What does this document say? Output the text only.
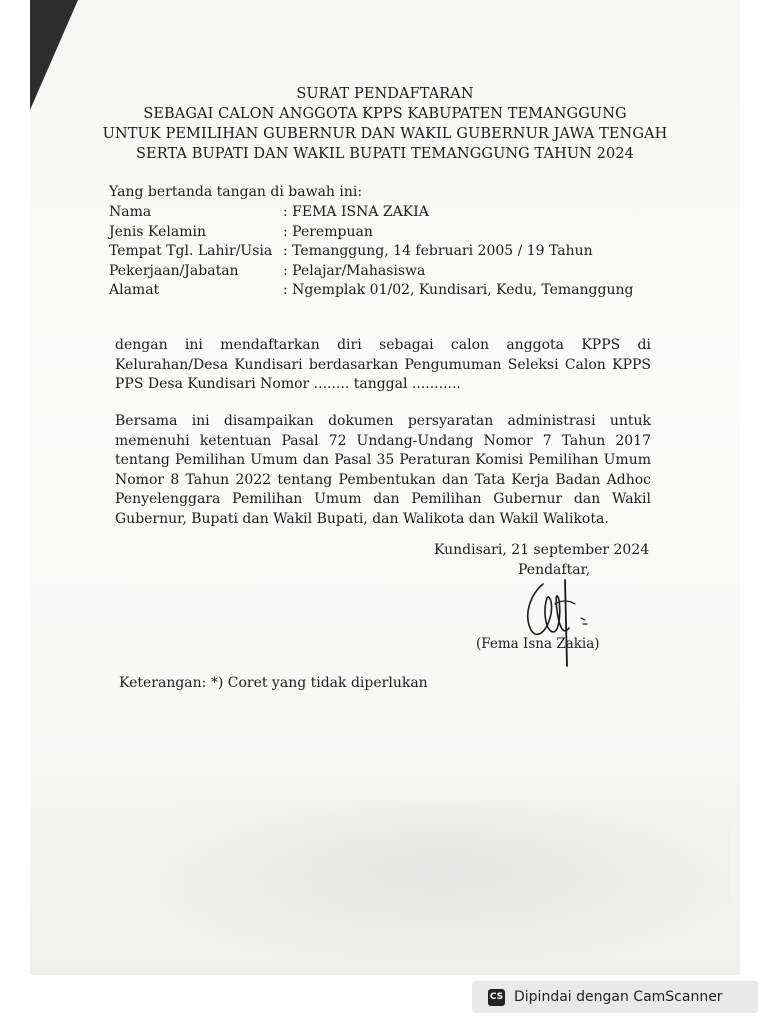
SURAT PENDAFTARAN
SEBAGAI CALON ANGGOTA KPPS KABUPATEN TEMANGGUNG
UNTUK PEMILIHAN GUBERNUR DAN WAKIL GUBERNUR JAWA TENGAH
SERTA BUPATI DAN WAKIL BUPATI TEMANGGUNG TAHUN 2024
Yang bertanda tangan di bawah ini:
Nama	: FEMA ISNA ZAKIA
Jenis Kelamin	: Perempuan
Tempat Tgl. Lahir/Usia : Temanggung, 14 februari 2005 / 19 Tahun
Pekerjaan/Jabatan	: Pelajar/Mahasiswa
Alamat	: Ngemplak 01/02, Kundisari, Kedu, Temanggung
dengan ini mendaftarkan diri sebagai calon anggota KPPS di Kelurahan/Desa Kundisari berdasarkan Pengumuman Seleksi Calon KPPS PPS Desa Kundisari Nomor ........ tanggal ...........
Bersama ini disampaikan dokumen persyaratan administrasi untuk memenuhi ketentuan Pasal 72 Undang-Undang Nomor 7 Tahun 2017 tentang Pemilihan Umum dan Pasal 35 Peraturan Komisi Pemilihan Umum Nomor 8 Tahun 2022 tentang Pembentukan dan Tata Kerja Badan Adhoc Penyelenggara Pemilihan Umum dan Pemilihan Gubernur dan Wakil Gubernur, Bupati dan Wakil Bupati, dan Walikota dan Wakil Walikota.
Kundisari, 21 september 2024
Pendaftar,
(Fema Isna Zakia)
Keterangan: *) Coret yang tidak diperlukan
CS Dipindai dengan CamScanner
